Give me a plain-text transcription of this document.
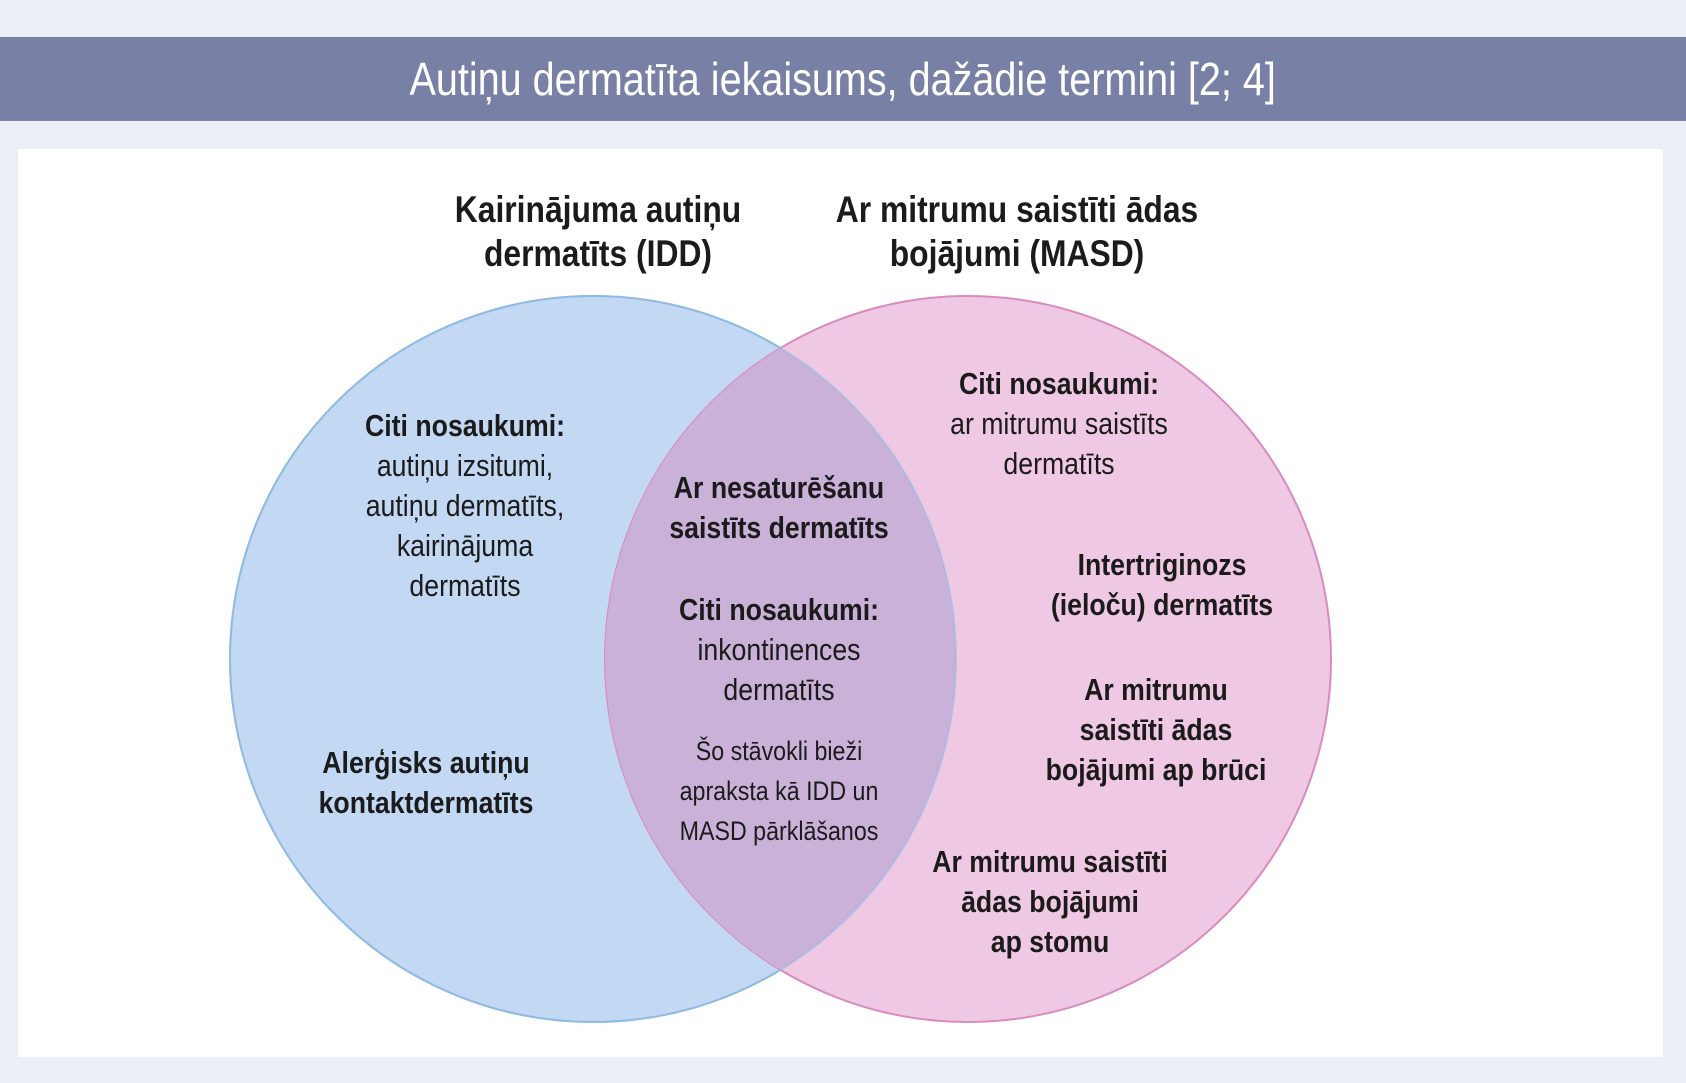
Autiņu dermatīta iekaisums, dažādie termini [2; 4]
Kairinājuma autiņu
dermatīts (IDD)
Ar mitrumu saistīti ādas
bojājumi (MASD)
Citi nosaukumi:
autiņu izsitumi,
autiņu dermatīts,
kairinājuma
dermatīts
Alerģisks autiņu
kontaktdermatīts
Ar nesaturēšanu
saistīts dermatīts
Citi nosaukumi:
inkontinences
dermatīts
Šo stāvokli bieži
apraksta kā IDD un
MASD pārklāšanos
Citi nosaukumi:
ar mitrumu saistīts
dermatīts
Intertriginozs
(ieloču) dermatīts
Ar mitrumu
saistīti ādas
bojājumi ap brūci
Ar mitrumu saistīti
ādas bojājumi
ap stomu
